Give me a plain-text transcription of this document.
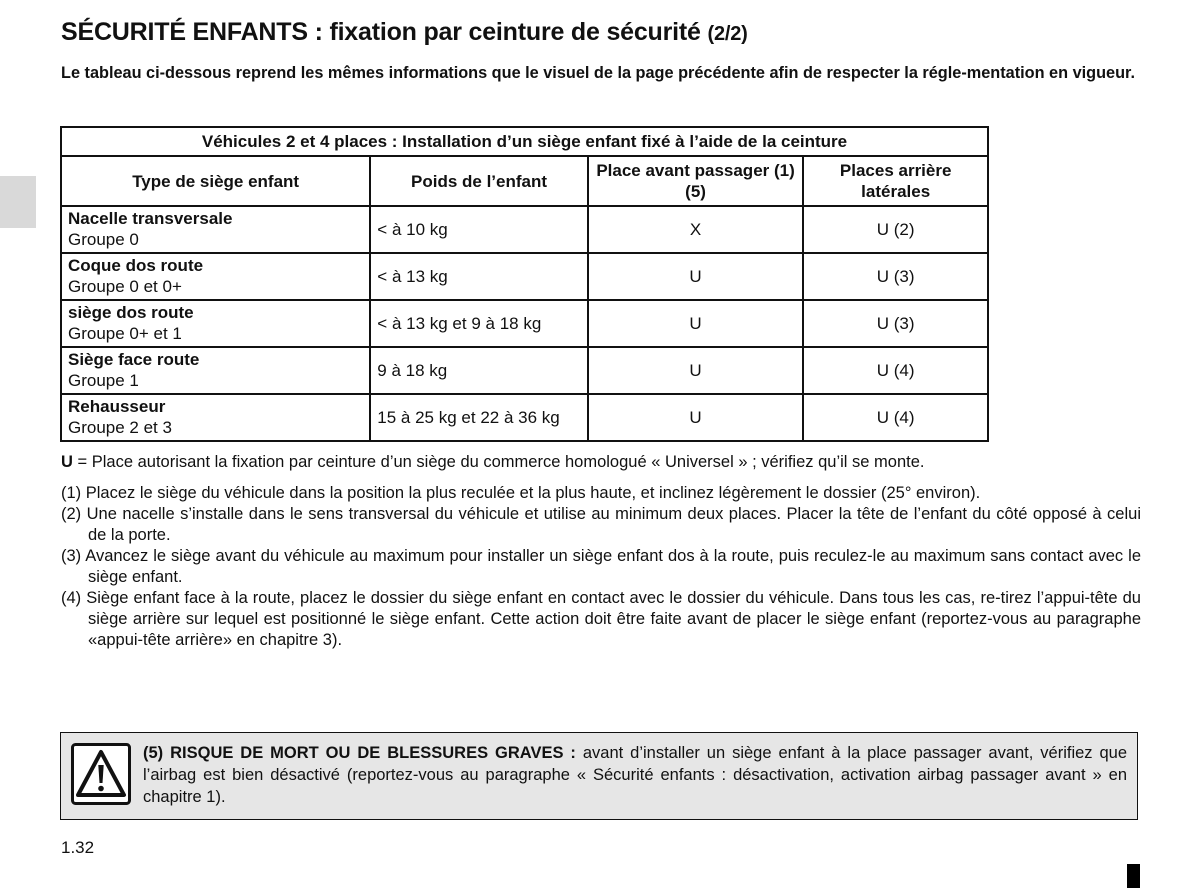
SÉCURITÉ ENFANTS : fixation par ceinture de sécurité (2/2)

Le tableau ci-dessous reprend les mêmes informations que le visuel de la page précédente afin de respecter la régle-mentation en vigueur.

Véhicules 2 et 4 places : Installation d’un siège enfant fixé à l’aide de la ceinture			
Type de siège enfant	Poids de l’enfant	Place avant passager (1) (5)	Places arrière latérales

Nacelle transversale
Groupe 0	< à 10 kg	X	U (2)

Coque dos route
Groupe 0 et 0+	< à 13 kg	U	U (3)

siège dos route
Groupe 0+ et 1	< à 13 kg et 9 à 18 kg	U	U (3)

Siège face route
Groupe 1	9 à 18 kg	U	U (4)

Rehausseur
Groupe 2 et 3	15 à 25 kg et 22 à 36 kg	U	U (4)

U = Place autorisant la fixation par ceinture d’un siège du commerce homologué « Universel » ; vérifiez qu’il se monte.

(1) Placez le siège du véhicule dans la position la plus reculée et la plus haute, et inclinez légèrement le dossier (25° environ).
(2) Une nacelle s’installe dans le sens transversal du véhicule et utilise au minimum deux places. Placer la tête de l’enfant du côté opposé à celui de la porte.
(3) Avancez le siège avant du véhicule au maximum pour installer un siège enfant dos à la route, puis reculez-le au maximum sans contact avec le siège enfant.
(4) Siège enfant face à la route, placez le dossier du siège enfant en contact avec le dossier du véhicule. Dans tous les cas, re-tirez l’appui-tête du siège arrière sur lequel est positionné le siège enfant. Cette action doit être faite avant de placer le siège enfant (reportez-vous au paragraphe «appui-tête arrière» en chapitre 3).

(5) RISQUE DE MORT OU DE BLESSURES GRAVES : avant d’installer un siège enfant à la place passager avant, vérifiez que l’airbag est bien désactivé (reportez-vous au paragraphe « Sécurité enfants : désactivation, activation airbag passager avant » en chapitre 1).

1.32
